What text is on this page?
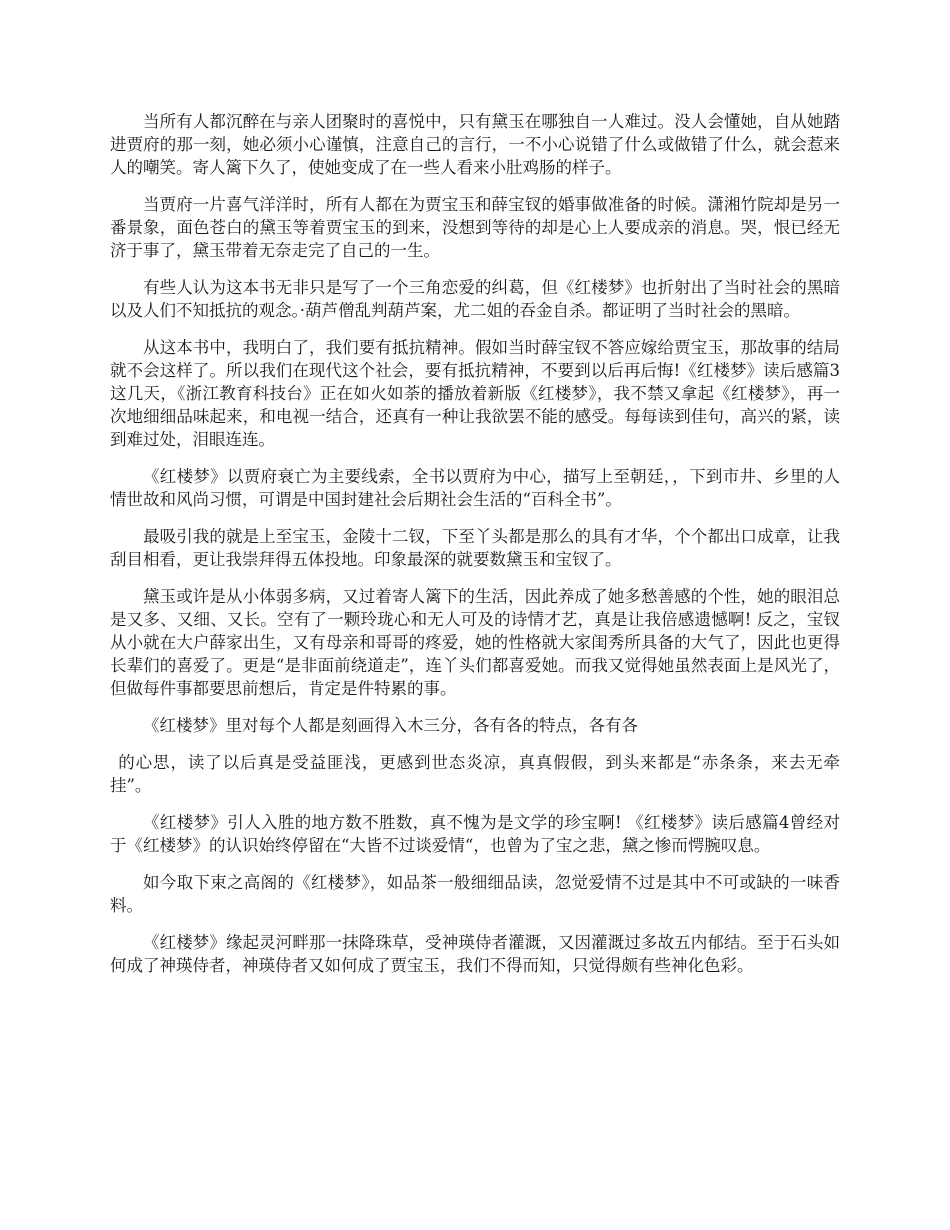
当所有人都沉醉在与亲人团聚时的喜悦中，只有黛玉在哪独自一人难过。没人会懂她，自从她踏进贾府的那一刻，她必须小心谨慎，注意自己的言行，一不小心说错了什么或做错了什么，就会惹来人的嘲笑。寄人篱下久了，使她变成了在一些人看来小肚鸡肠的样子。

当贾府一片喜气洋洋时，所有人都在为贾宝玉和薛宝钗的婚事做准备的时候。潇湘竹院却是另一番景象，面色苍白的黛玉等着贾宝玉的到来，没想到等待的却是心上人要成亲的消息。哭，恨已经无济于事了，黛玉带着无奈走完了自己的一生。

有些人认为这本书无非只是写了一个三角恋爱的纠葛，但《红楼梦》也折射出了当时社会的黑暗以及人们不知抵抗的观念。·葫芦僧乱判葫芦案，尤二姐的吞金自杀。都证明了当时社会的黑暗。

从这本书中，我明白了，我们要有抵抗精神。假如当时薛宝钗不答应嫁给贾宝玉，那故事的结局就不会这样了。所以我们在现代这个社会，要有抵抗精神，不要到以后再后悔!《红楼梦》读后感篇3这几天，《浙江教育科技台》正在如火如荼的播放着新版《红楼梦》，我不禁又拿起《红楼梦》，再一次地细细品味起来，和电视一结合，还真有一种让我欲罢不能的感受。每每读到佳句，高兴的紧，读到难过处，泪眼连连。

《红楼梦》以贾府衰亡为主要线索，全书以贾府为中心，描写上至朝廷，，下到市井、乡里的人情世故和风尚习惯，可谓是中国封建社会后期社会生活的“百科全书”。

最吸引我的就是上至宝玉，金陵十二钗，下至丫头都是那么的具有才华，个个都出口成章，让我刮目相看，更让我崇拜得五体投地。印象最深的就要数黛玉和宝钗了。

黛玉或许是从小体弱多病，又过着寄人篱下的生活，因此养成了她多愁善感的个性，她的眼泪总是又多、又细、又长。空有了一颗玲珑心和无人可及的诗情才艺，真是让我倍感遗憾啊! 反之，宝钗从小就在大户薛家出生，又有母亲和哥哥的疼爱，她的性格就大家闺秀所具备的大气了，因此也更得长辈们的喜爱了。更是“是非面前绕道走”，连丫头们都喜爱她。而我又觉得她虽然表面上是风光了，但做每件事都要思前想后，肯定是件特累的事。

《红楼梦》里对每个人都是刻画得入木三分，各有各的特点，各有各

的心思，读了以后真是受益匪浅，更感到世态炎凉，真真假假，到头来都是“赤条条，来去无牵挂”。

《红楼梦》引人入胜的地方数不胜数，真不愧为是文学的珍宝啊! 《红楼梦》读后感篇4曾经对于《红楼梦》的认识始终停留在“大皆不过谈爱情“，也曾为了宝之悲，黛之惨而愕腕叹息。

如今取下束之高阁的《红楼梦》，如品茶一般细细品读，忽觉爱情不过是其中不可或缺的一味香料。

《红楼梦》缘起灵河畔那一抹降珠草，受神瑛侍者灌溉，又因灌溉过多故五内郁结。至于石头如何成了神瑛侍者，神瑛侍者又如何成了贾宝玉，我们不得而知，只觉得颇有些神化色彩。
